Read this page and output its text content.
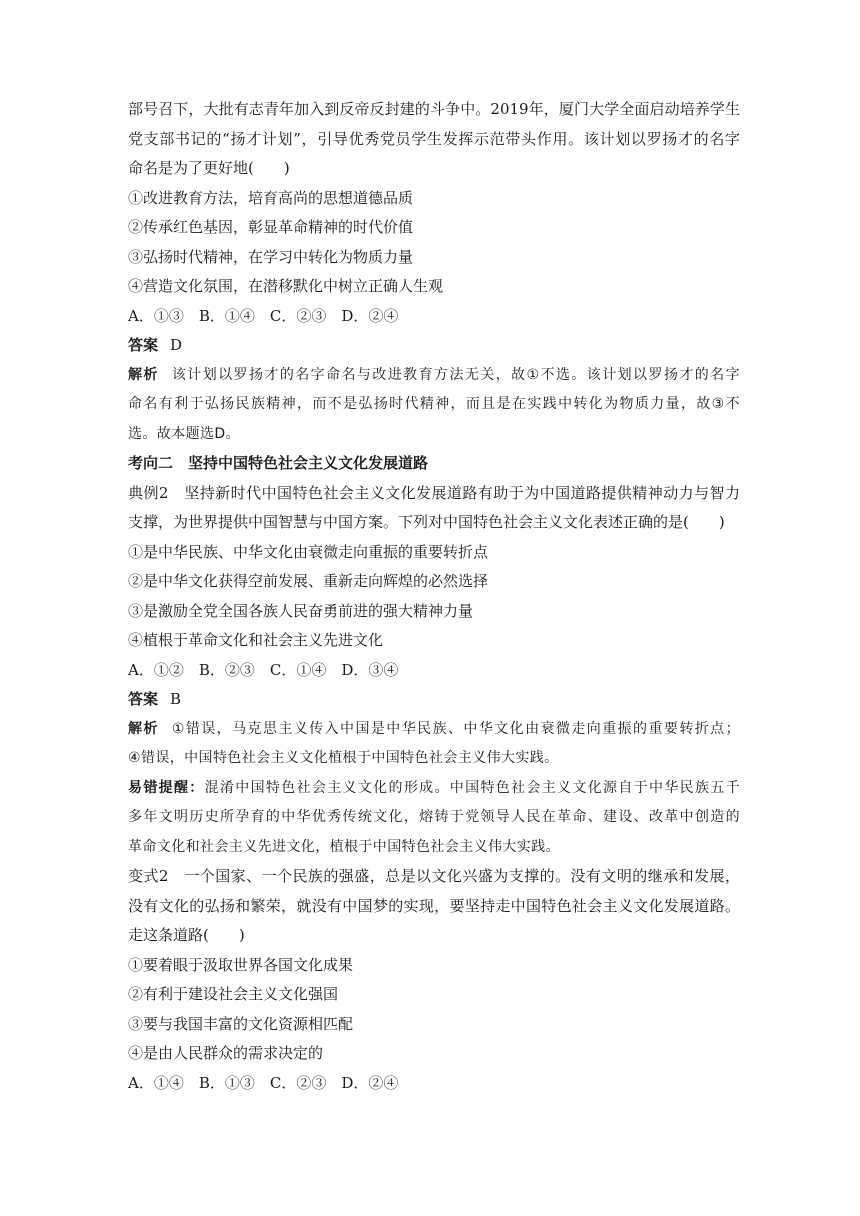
部号召下，大批有志青年加入到反帝反封建的斗争中。2019年，厦门大学全面启动培养学生
党支部书记的“扬才计划”，引导优秀党员学生发挥示范带头作用。该计划以罗扬才的名字
命名是为了更好地(　　)
①改进教育方法，培育高尚的思想道德品质
②传承红色基因，彰显革命精神的时代价值
③弘扬时代精神，在学习中转化为物质力量
④营造文化氛围，在潜移默化中树立正确人生观
A．①③　B．①④　C．②③　D．②④
答案 D
解析 该计划以罗扬才的名字命名与改进教育方法无关，故①不选。该计划以罗扬才的名字
命名有利于弘扬民族精神，而不是弘扬时代精神，而且是在实践中转化为物质力量，故③不
选。故本题选D。
考向二　坚持中国特色社会主义文化发展道路
典例2　坚持新时代中国特色社会主义文化发展道路有助于为中国道路提供精神动力与智力
支撑，为世界提供中国智慧与中国方案。下列对中国特色社会主义文化表述正确的是(　　)
①是中华民族、中华文化由衰微走向重振的重要转折点
②是中华文化获得空前发展、重新走向辉煌的必然选择
③是激励全党全国各族人民奋勇前进的强大精神力量
④植根于革命文化和社会主义先进文化
A．①②　B．②③　C．①④　D．③④
答案 B
解析 ①错误，马克思主义传入中国是中华民族、中华文化由衰微走向重振的重要转折点；
④错误，中国特色社会主义文化植根于中国特色社会主义伟大实践。
易错提醒：混淆中国特色社会主义文化的形成。中国特色社会主义文化源自于中华民族五千
多年文明历史所孕育的中华优秀传统文化，熔铸于党领导人民在革命、建设、改革中创造的
革命文化和社会主义先进文化，植根于中国特色社会主义伟大实践。
变式2　一个国家、一个民族的强盛，总是以文化兴盛为支撑的。没有文明的继承和发展，
没有文化的弘扬和繁荣，就没有中国梦的实现，要坚持走中国特色社会主义文化发展道路。
走这条道路(　　)
①要着眼于汲取世界各国文化成果
②有利于建设社会主义文化强国
③要与我国丰富的文化资源相匹配
④是由人民群众的需求决定的
A．①④　B．①③　C．②③　D．②④
